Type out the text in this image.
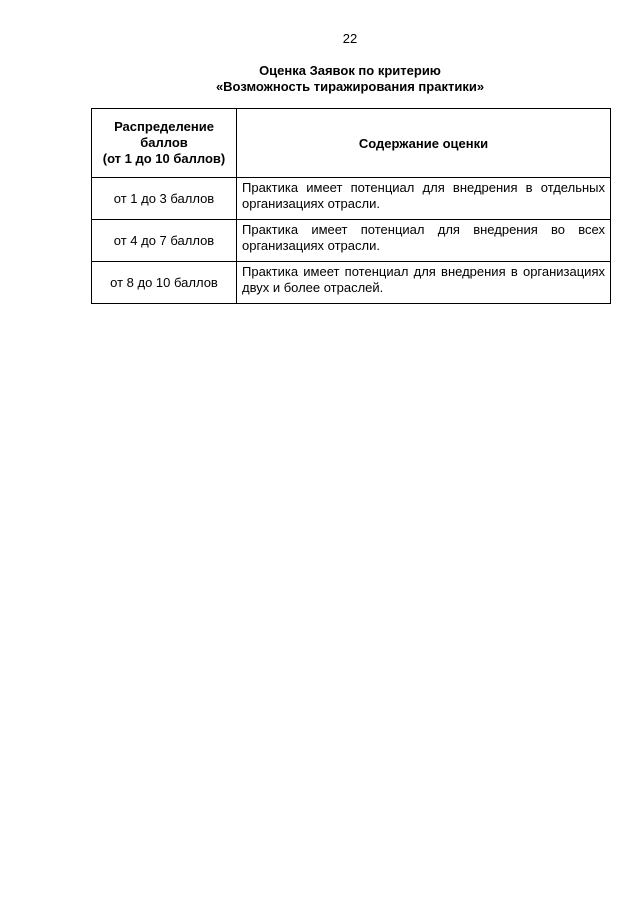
22
Оценка Заявок по критерию
«Возможность тиражирования практики»
Распределение
баллов
(от 1 до 10 баллов)	Содержание оценки
от 1 до 3 баллов	Практика имеет потенциал для внедрения в отдельных организациях отрасли.
от 4 до 7 баллов	Практика имеет потенциал для внедрения во всех организациях отрасли.
от 8 до 10 баллов	Практика имеет потенциал для внедрения в организациях двух и более отраслей.
